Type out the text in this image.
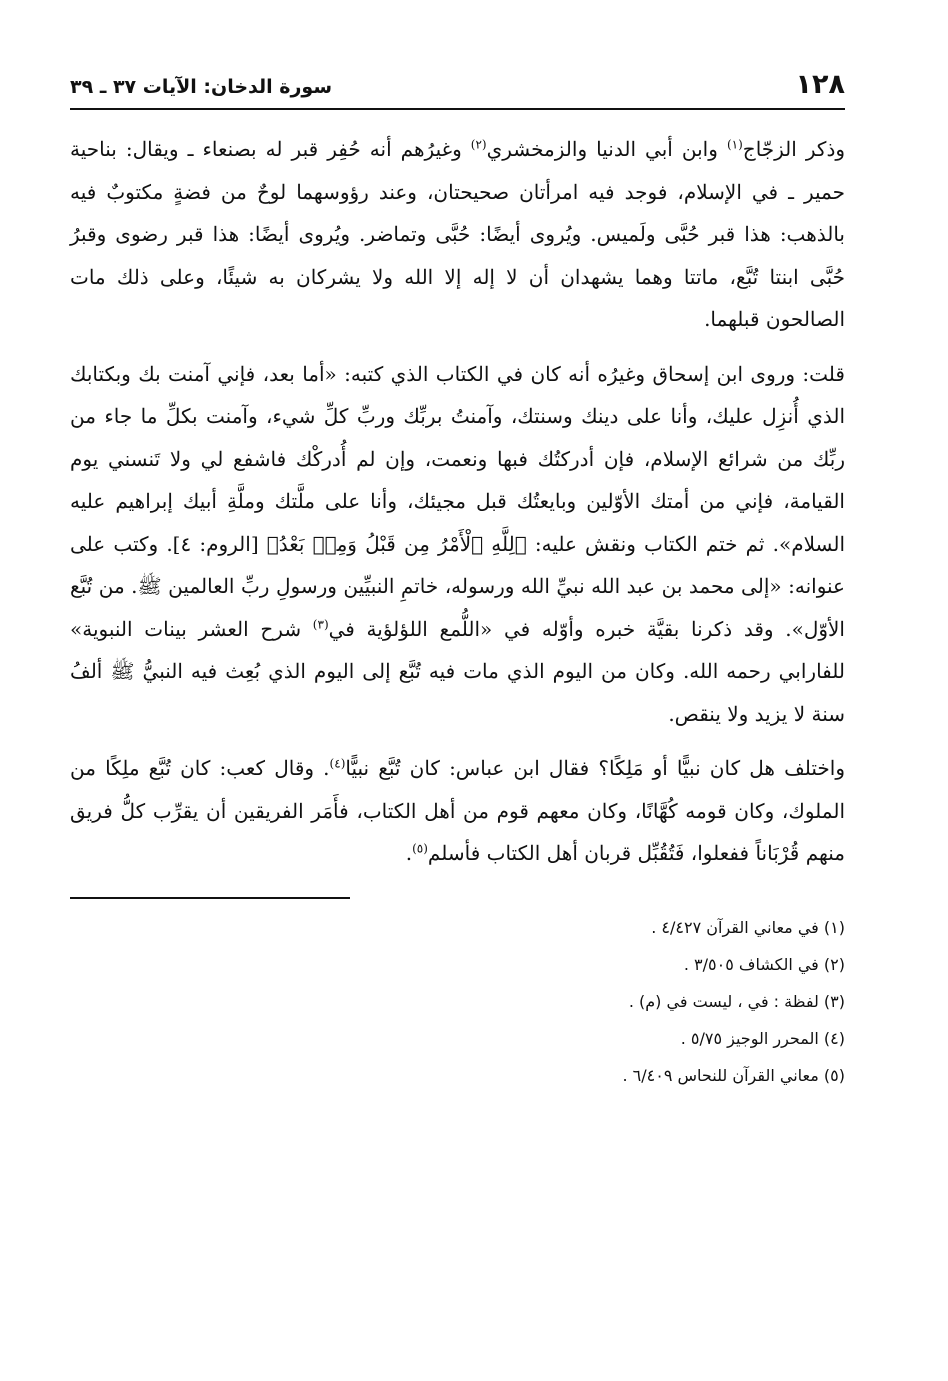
١٢٨
سورة الدخان: الآيات ٣٧ ـ ٣٩

وذكر الزجّاج$^{(١)}$ وابن أبي الدنيا والزمخشري$^{(٢)}$ وغيرُهم أنه حُفِر قبر له بصنعاء ـ ويقال: بناحية حمير ـ في الإسلام، فوجد فيه امرأتان صحيحتان، وعند رؤوسهما لوحٌ من فضةٍ مكتوبٌ فيه بالذهب: هذا قبر حُبَّى ولَميس. ويُروى أيضًا: حُبَّى وتماضر. ويُروى أيضًا: هذا قبر رضوى وقبرُ حُبَّى ابنتا تُبَّع، ماتتا وهما يشهدان أن لا إله إلا الله ولا يشركان به شيئًا، وعلى ذلك مات الصالحون قبلهما.

قلت: وروى ابن إسحاق وغيرُه أنه كان في الكتاب الذي كتبه: «أما بعد، فإني آمنت بك وبكتابك الذي أُنزِل عليك، وأنا على دينك وسنتك، وآمنتُ بربِّك وربِّ كلِّ شيء، وآمنت بكلِّ ما جاء من ربِّك من شرائع الإسلام، فإن أدركتُك فبها ونعمت، وإن لم أُدركْك فاشفع لي ولا تَنسني يوم القيامة، فإني من أمتك الأوّلين وبايعتُك قبل مجيئك، وأنا على ملَّتك وملَّةِ أبيك إبراهيم عليه السلام». ثم ختم الكتاب ونقش عليه: ﴿لِلَّهِ ٱلْأَمْرُ مِن قَبْلُ وَمِنۢ بَعْدُ﴾ [الروم: ٤]. وكتب على عنوانه: «إلى محمد بن عبد الله نبيِّ الله ورسوله، خاتمِ النبيِّين ورسولِ ربِّ العالمين ﷺ. من تُبَّع الأوّل». وقد ذكرنا بقيَّة خبره وأوّله في «اللُّمع اللؤلؤية في$^{(٣)}$ شرح العشر بينات النبوية» للفارابي رحمه الله. وكان من اليوم الذي مات فيه تُبَّع إلى اليوم الذي بُعِث فيه النبيُّ ﷺ ألفُ سنة لا يزيد ولا ينقص.

واختلف هل كان نبيًّا أو مَلِكًا؟ فقال ابن عباس: كان تُبَّع نبيًّا$^{(٤)}$. وقال كعب: كان تُبَّع ملِكًا من الملوك، وكان قومه كُهَّانًا، وكان معهم قوم من أهل الكتاب، فأَمَر الفريقين أن يقرِّب كلُّ فريق منهم قُرْبَاناً ففعلوا، فَتُقُبِّل قربان أهل الكتاب فأسلم$^{(٥)}$.

(١) في معاني القرآن ٤/٤٢٧ .
(٢) في الكشاف ٣/٥٠٥ .
(٣) لفظة : في ، ليست في (م) .
(٤) المحرر الوجيز ٥/٧٥ .
(٥) معاني القرآن للنحاس ٦/٤٠٩ .
